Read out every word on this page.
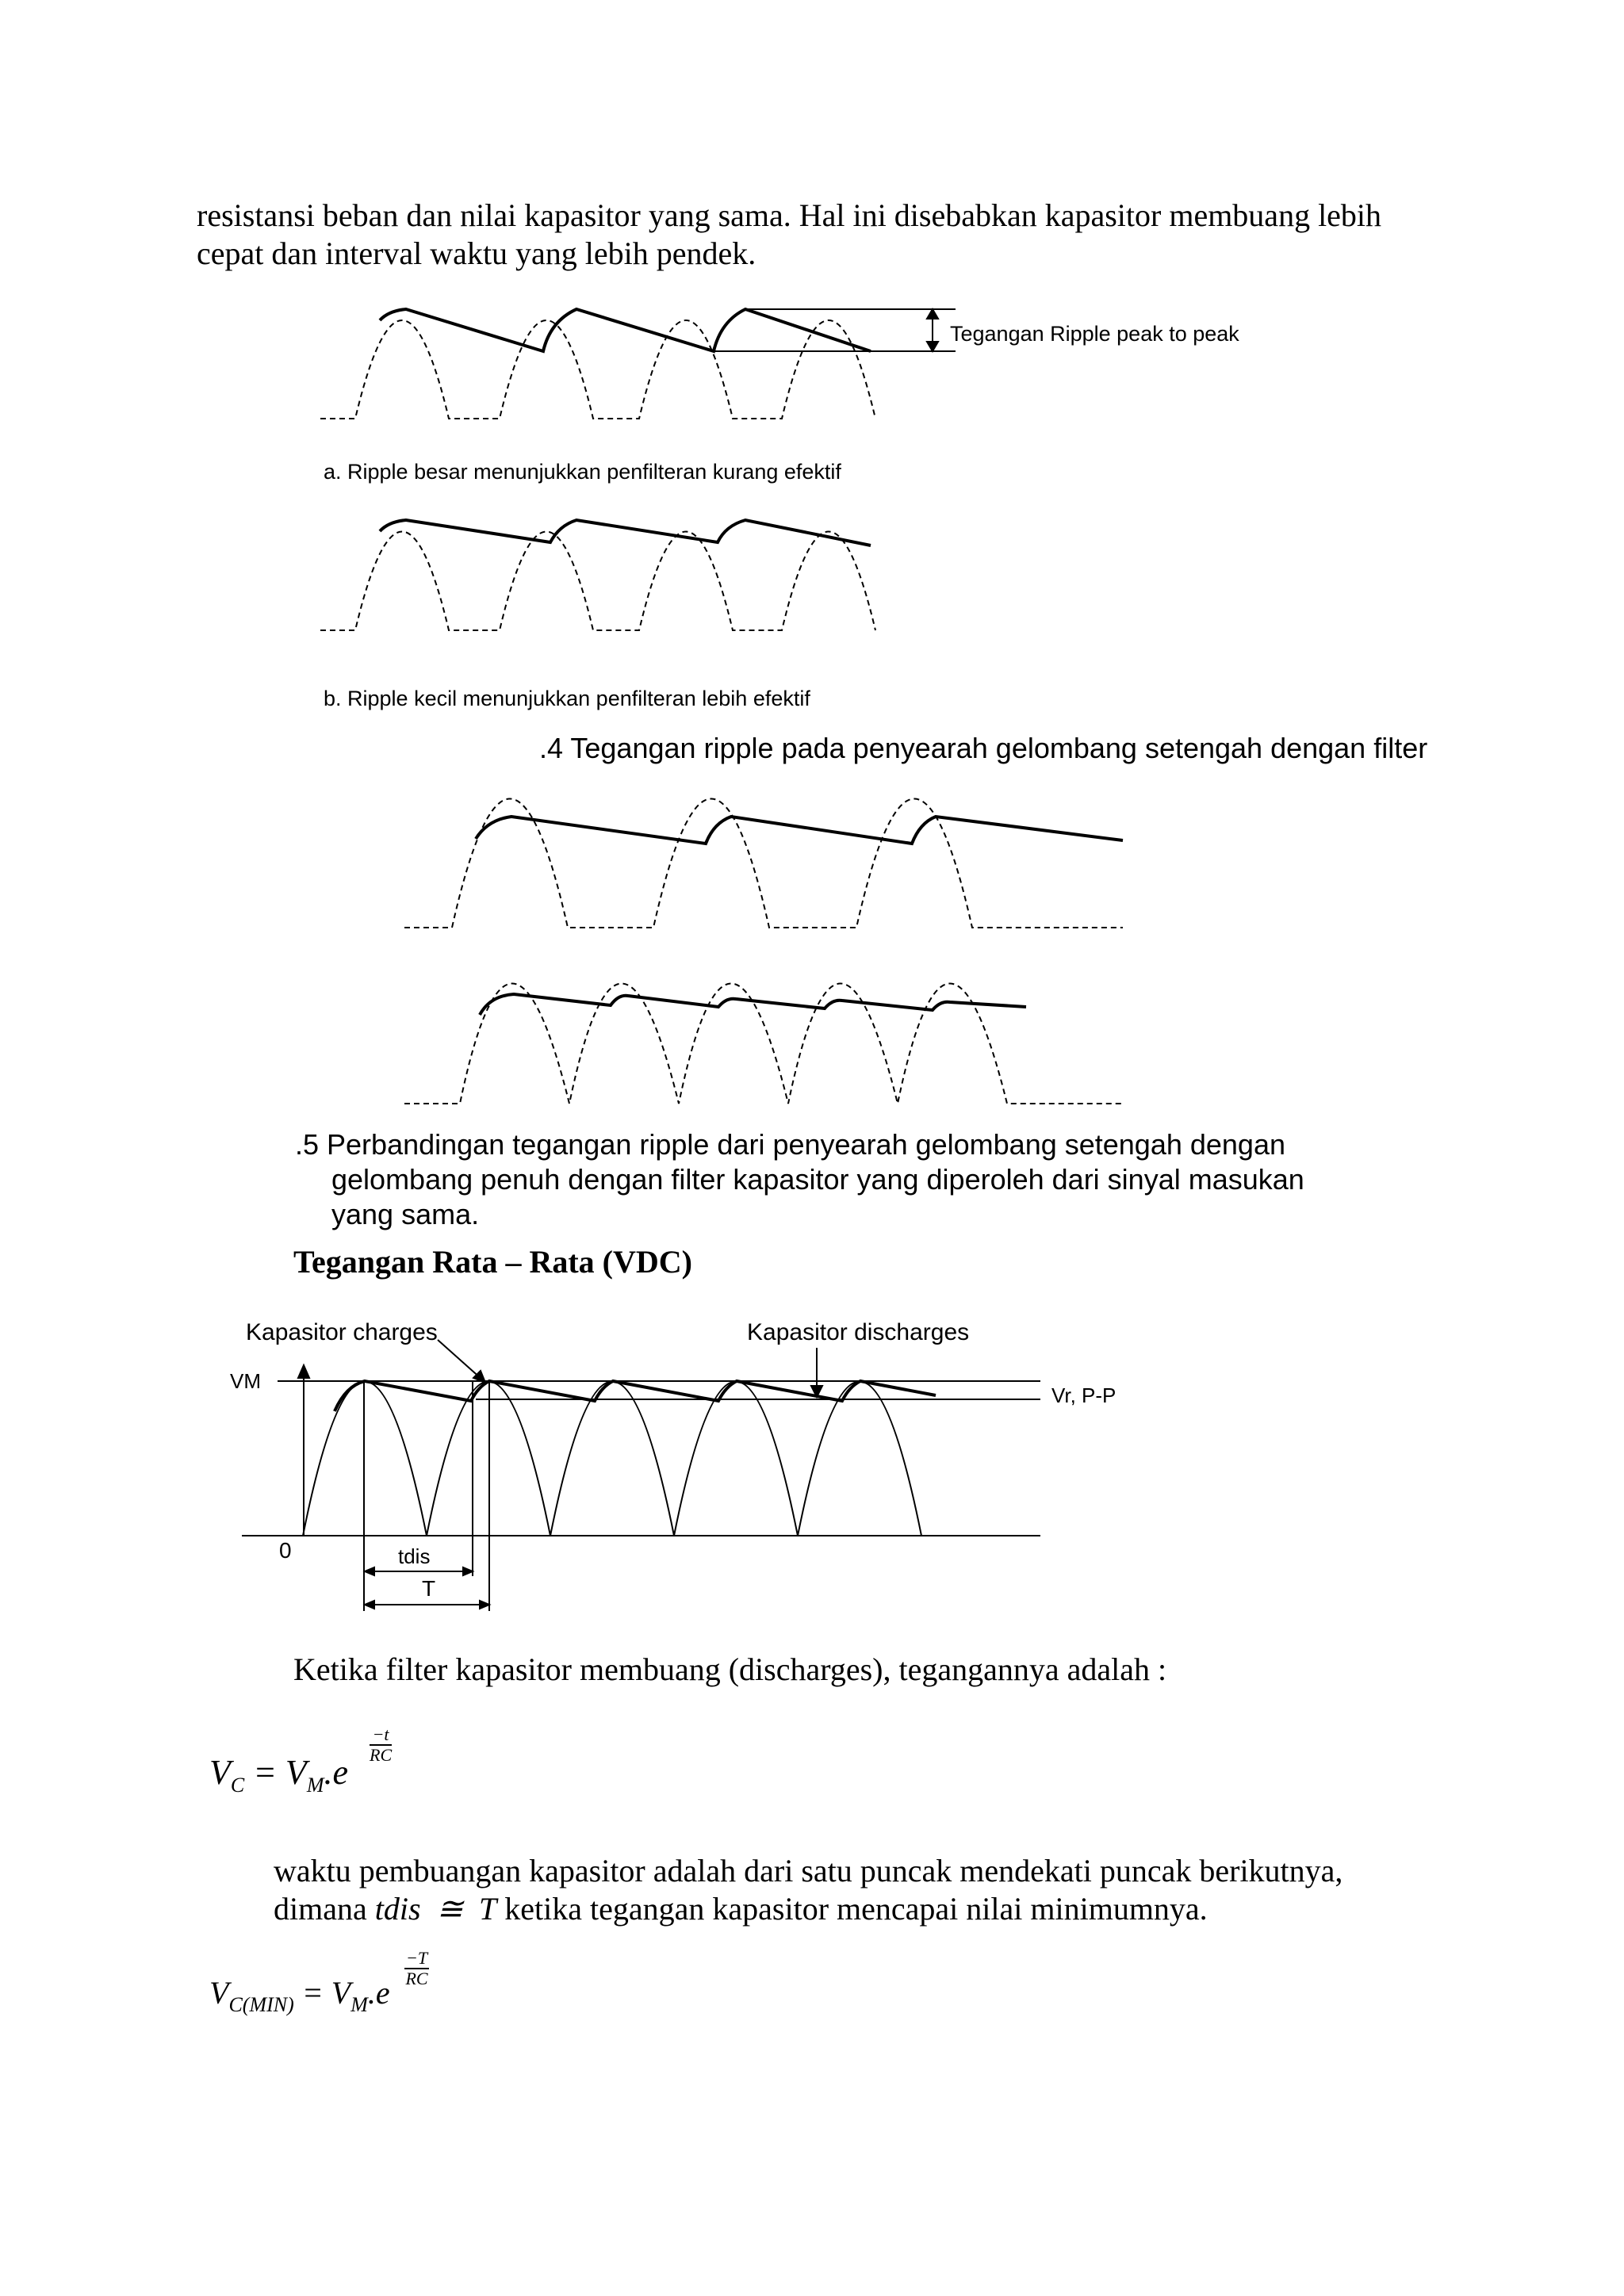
resistansi beban dan nilai kapasitor yang sama. Hal ini disebabkan kapasitor membuang lebih
cepat dan interval waktu yang lebih pendek.
Tegangan Ripple peak to peak
a. Ripple besar menunjukkan penfilteran kurang efektif
b. Ripple kecil menunjukkan penfilteran lebih efektif
.4 Tegangan ripple pada penyearah gelombang setengah dengan filter
.5 Perbandingan tegangan ripple dari penyearah gelombang setengah dengan
gelombang penuh dengan filter kapasitor yang diperoleh dari sinyal masukan
yang sama.
Tegangan Rata – Rata (VDC)
Kapasitor charges	Kapasitor discharges
VM
Vr, P-P
0	tdis
T
Ketika filter kapasitor membuang (discharges), tegangannya adalah :
$V_C = V_M.e$
$\frac{-t}{RC}$
waktu pembuangan kapasitor adalah dari satu puncak mendekati puncak berikutnya,
dimana tdis  ≅  T ketika tegangan kapasitor mencapai nilai minimumnya.
$V_{C(MIN)} = V_M.e$
$\frac{-T}{RC}$
